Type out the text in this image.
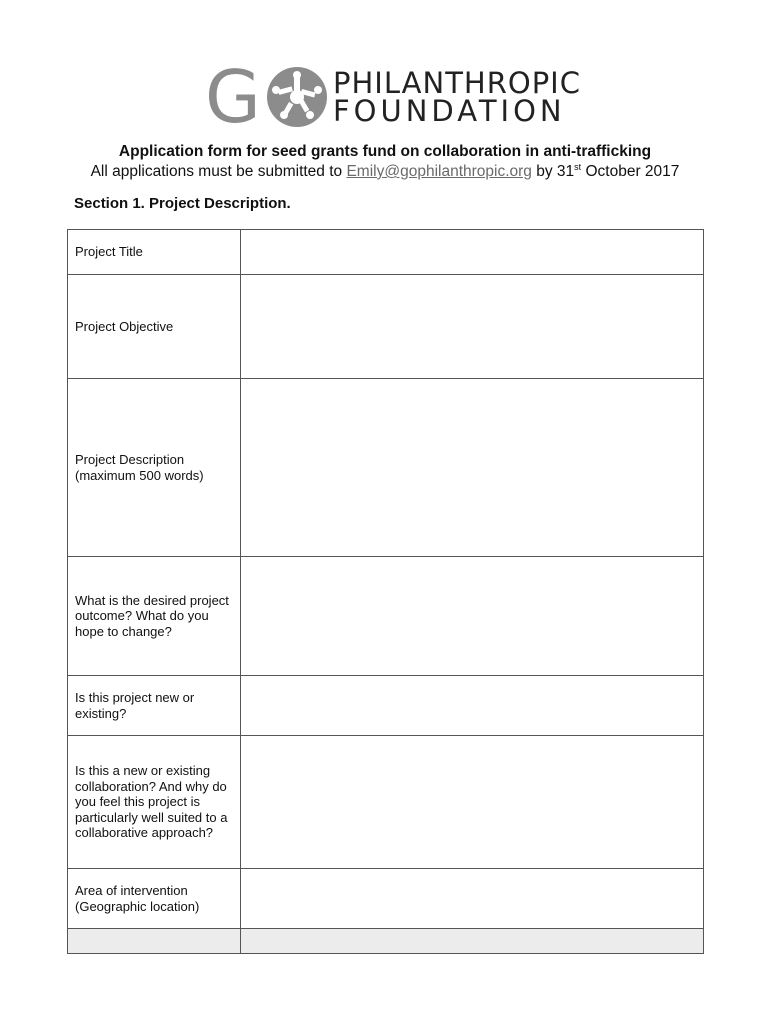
G PHILANTHROPIC
FOUNDATION
Application form for seed grants fund on collaboration in anti-trafficking
All applications must be submitted to Emily@gophilanthropic.org by 31st October 2017
Section 1. Project Description.
Project Title	
Project Objective	
Project Description (maximum 500 words)	
What is the desired project outcome? What do you hope to change?	
Is this project new or existing?	
Is this a new or existing collaboration? And why do you feel this project is particularly well suited to a collaborative approach?	
Area of intervention (Geographic location)	
